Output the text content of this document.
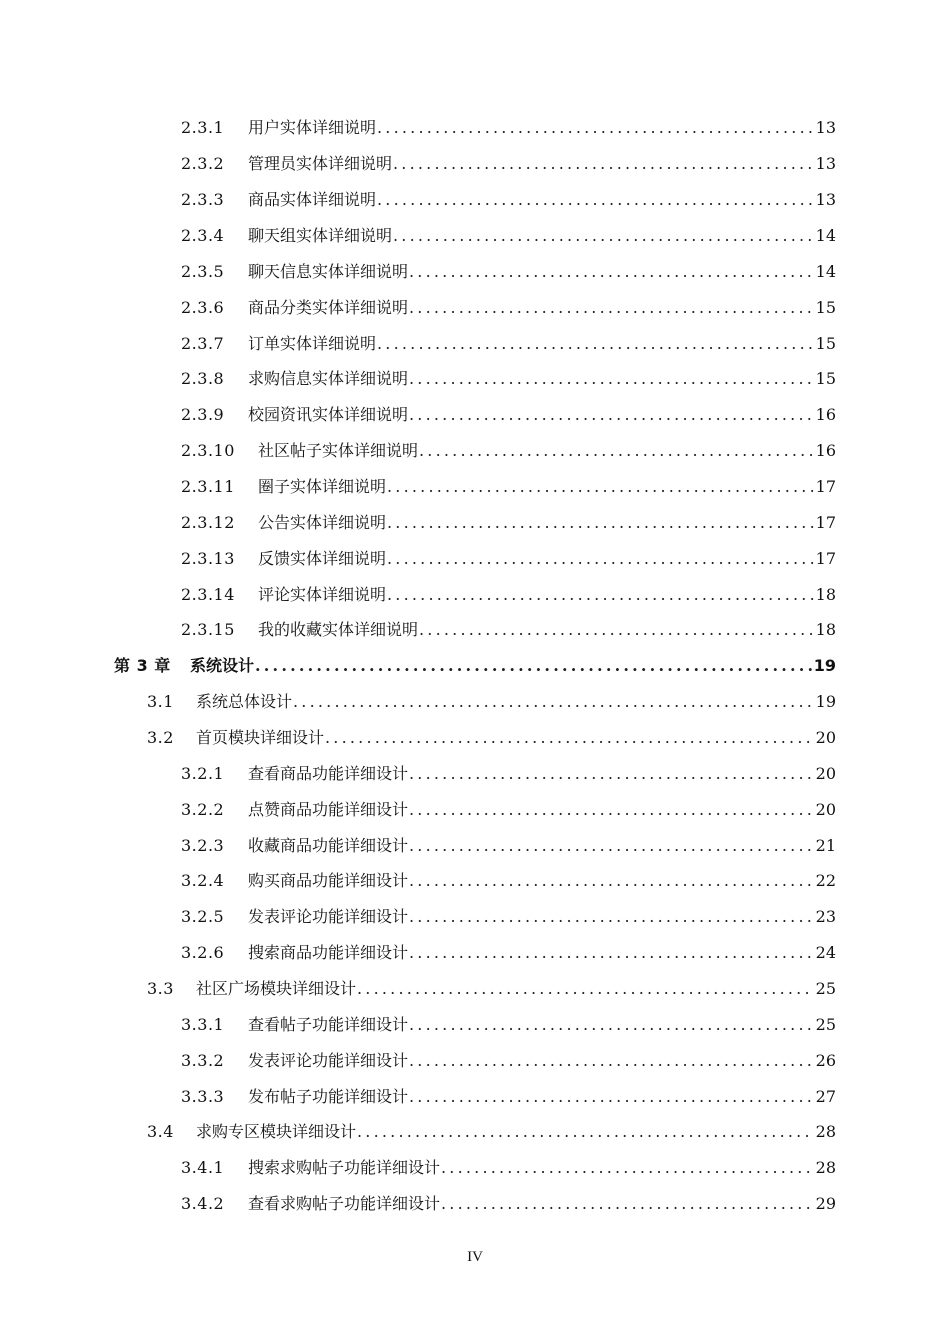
2.3.1	用户实体详细说明 .....	13
2.3.2	管理员实体详细说明 .....	13
2.3.3	商品实体详细说明 .....	13
2.3.4	聊天组实体详细说明 .....	14
2.3.5	聊天信息实体详细说明 .....	14
2.3.6	商品分类实体详细说明 .....	15
2.3.7	订单实体详细说明 .....	15
2.3.8	求购信息实体详细说明 .....	15
2.3.9	校园资讯实体详细说明 .....	16
2.3.10	社区帖子实体详细说明 .....	16
2.3.11	圈子实体详细说明 .....	17
2.3.12	公告实体详细说明 .....	17
2.3.13	反馈实体详细说明 .....	17
2.3.14	评论实体详细说明 .....	18
2.3.15	我的收藏实体详细说明 .....	18
第 3 章	系统设计 .....	19
3.1	系统总体设计 .....	19
3.2	首页模块详细设计 .....	20
3.2.1	查看商品功能详细设计 .....	20
3.2.2	点赞商品功能详细设计 .....	20
3.2.3	收藏商品功能详细设计 .....	21
3.2.4	购买商品功能详细设计 .....	22
3.2.5	发表评论功能详细设计 .....	23
3.2.6	搜索商品功能详细设计 .....	24
3.3	社区广场模块详细设计 .....	25
3.3.1	查看帖子功能详细设计 .....	25
3.3.2	发表评论功能详细设计 .....	26
3.3.3	发布帖子功能详细设计 .....	27
3.4	求购专区模块详细设计 .....	28
3.4.1	搜索求购帖子功能详细设计 .....	28
3.4.2	查看求购帖子功能详细设计 .....	29
IV
